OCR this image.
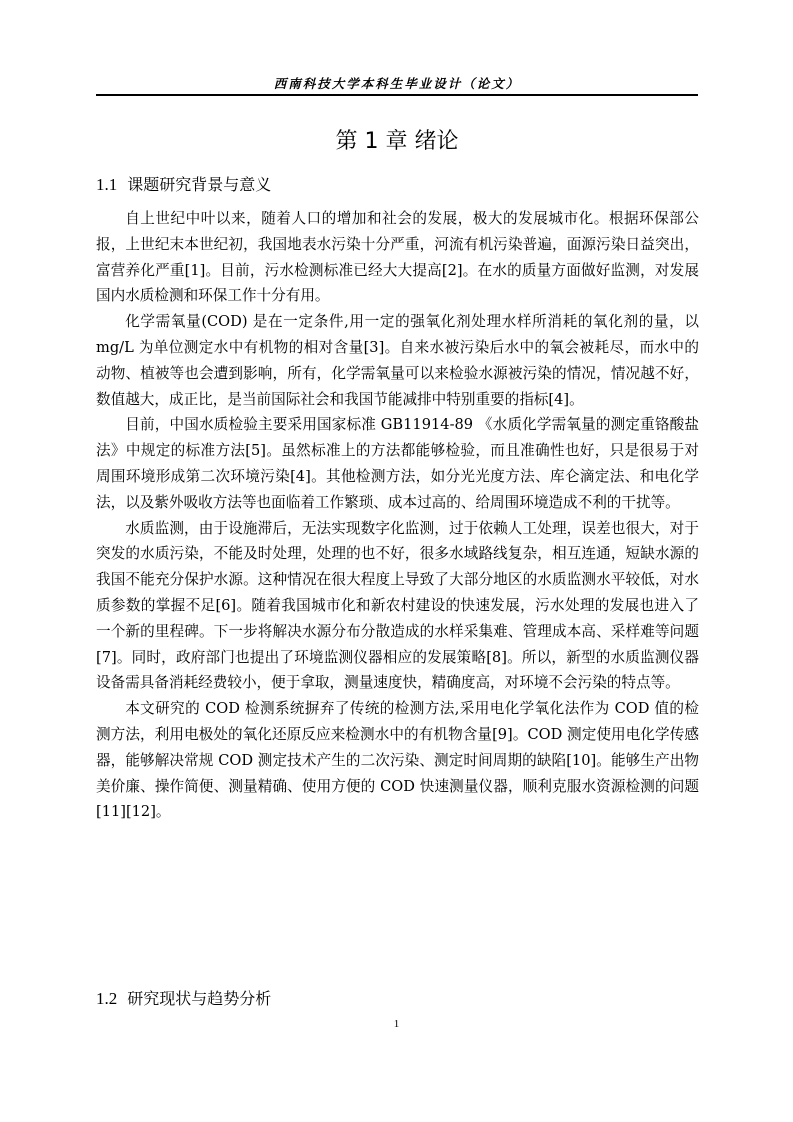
西南科技大学本科生毕业设计（论文）
第 1 章 绪论
1.1 课题研究背景与意义

自上世纪中叶以来，随着人口的增加和社会的发展，极大的发展城市化。根据环保部公报，上世纪末本世纪初，我国地表水污染十分严重，河流有机污染普遍，面源污染日益突出，富营养化严重[1]。目前，污水检测标准已经大大提高[2]。在水的质量方面做好监测，对发展国内水质检测和环保工作十分有用。

化学需氧量(COD) 是在一定条件,用一定的强氧化剂处理水样所消耗的氧化剂的量，以 mg/L 为单位测定水中有机物的相对含量[3]。自来水被污染后水中的氧会被耗尽，而水中的动物、植被等也会遭到影响，所有，化学需氧量可以来检验水源被污染的情况，情况越不好，数值越大，成正比，是当前国际社会和我国节能减排中特别重要的指标[4]。

目前，中国水质检验主要采用国家标准 GB11914-89 《水质化学需氧量的测定重铬酸盐法》中规定的标准方法[5]。虽然标准上的方法都能够检验，而且准确性也好，只是很易于对周围环境形成第二次环境污染[4]。其他检测方法，如分光光度方法、库仑滴定法、和电化学法，以及紫外吸收方法等也面临着工作繁琐、成本过高的、给周围环境造成不利的干扰等。

水质监测，由于设施滞后，无法实现数字化监测，过于依赖人工处理，误差也很大，对于突发的水质污染，不能及时处理，处理的也不好，很多水域路线复杂，相互连通，短缺水源的我国不能充分保护水源。这种情况在很大程度上导致了大部分地区的水质监测水平较低，对水质参数的掌握不足[6]。随着我国城市化和新农村建设的快速发展，污水处理的发展也进入了一个新的里程碑。下一步将解决水源分布分散造成的水样采集难、管理成本高、采样难等问题[7]。同时，政府部门也提出了环境监测仪器相应的发展策略[8]。所以，新型的水质监测仪器设备需具备消耗经费较小，便于拿取，测量速度快，精确度高，对环境不会污染的特点等。

本文研究的 COD 检测系统摒弃了传统的检测方法,采用电化学氧化法作为 COD 值的检测方法，利用电极处的氧化还原反应来检测水中的有机物含量[9]。COD 测定使用电化学传感器，能够解决常规 COD 测定技术产生的二次污染、测定时间周期的缺陷[10]。能够生产出物美价廉、操作简便、测量精确、使用方便的 COD 快速测量仪器，顺利克服水资源检测的问题[11][12]。

1.2 研究现状与趋势分析
1
